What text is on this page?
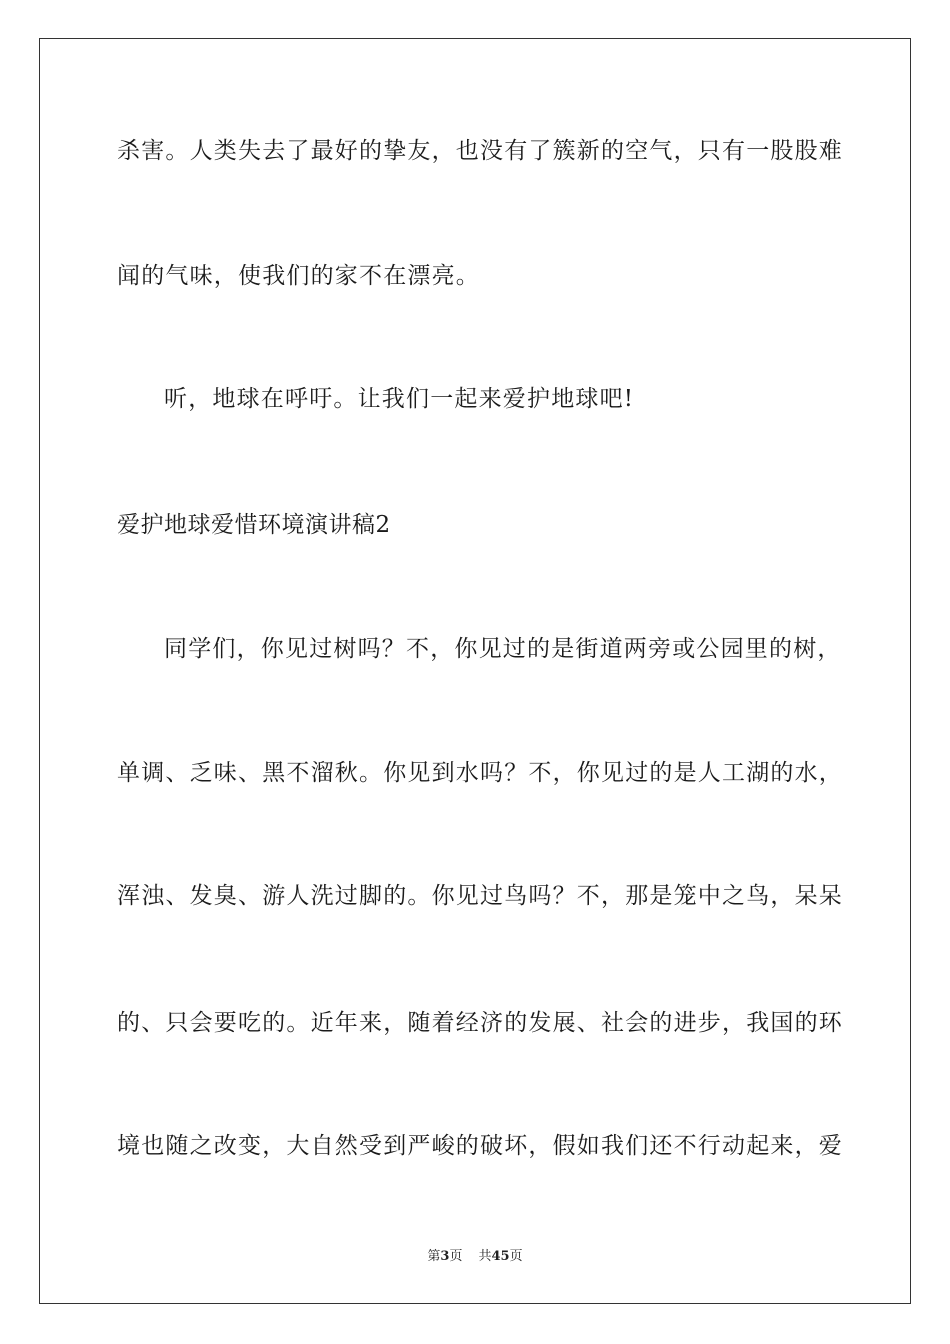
杀害。人类失去了最好的挚友，也没有了簇新的空气，只有一股股难
闻的气味，使我们的家不在漂亮。
听，地球在呼吁。让我们一起来爱护地球吧!
爱护地球爱惜环境演讲稿2
同学们，你见过树吗？不，你见过的是街道两旁或公园里的树，
单调、乏味、黑不溜秋。你见到水吗？不，你见过的是人工湖的水，
浑浊、发臭、游人洗过脚的。你见过鸟吗？不，那是笼中之鸟，呆呆
的、只会要吃的。近年来，随着经济的发展、社会的进步，我国的环
境也随之改变，大自然受到严峻的破坏，假如我们还不行动起来，爱
第3页 共45页
